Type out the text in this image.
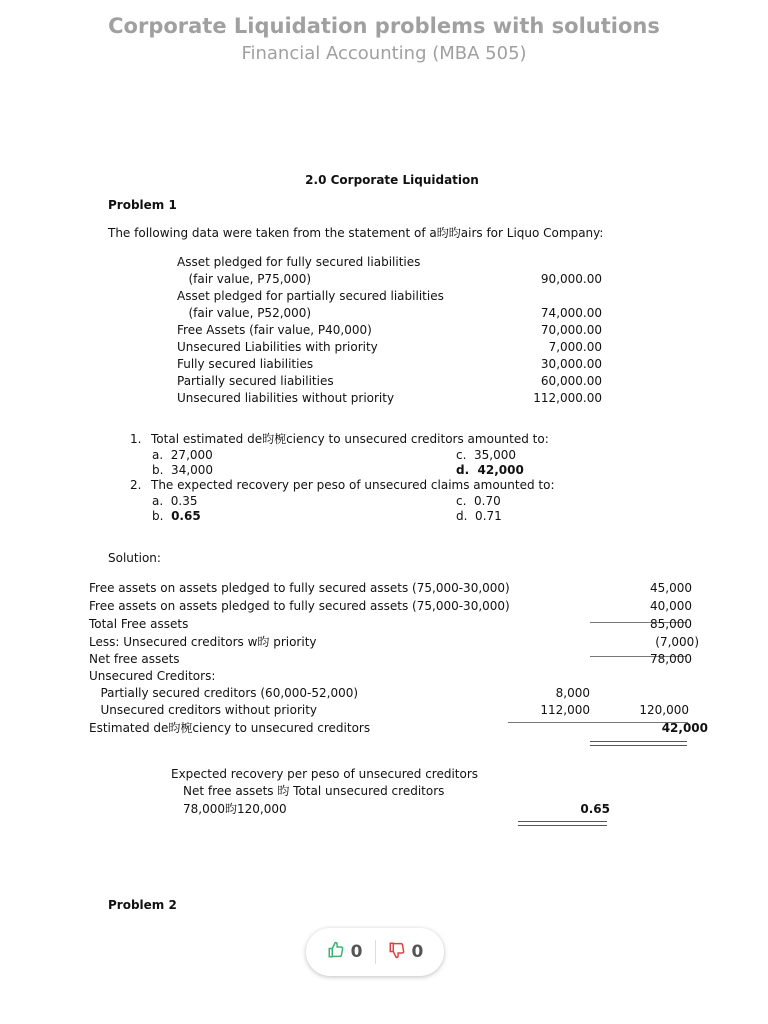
Corporate Liquidation problems with solutions
Financial Accounting (MBA 505)
2.0 Corporate Liquidation
Problem 1
The following data were taken from the statement of a昀昀airs for Liquo Company:
Asset pledged for fully secured liabilities
(fair value, P75,000)	90,000.00
Asset pledged for partially secured liabilities
(fair value, P52,000)	74,000.00
Free Assets (fair value, P40,000)	70,000.00
Unsecured Liabilities with priority	7,000.00
Fully secured liabilities	30,000.00
Partially secured liabilities	60,000.00
Unsecured liabilities without priority	112,000.00
1. Total estimated de昀椀ciency to unsecured creditors amounted to:
a.  27,000	c.  35,000
b.  34,000	d.  42,000
2. The expected recovery per peso of unsecured claims amounted to:
a.  0.35	c.  0.70
b.  0.65	d.  0.71
Solution:
Free assets on assets pledged to fully secured assets (75,000-30,000)	45,000
Free assets on assets pledged to fully secured assets (75,000-30,000)	40,000
Total Free assets	85,000
Less: Unsecured creditors w昀 priority	(7,000)
Net free assets	78,000
Unsecured Creditors:
Partially secured creditors (60,000-52,000)	8,000
Unsecured creditors without priority	112,000	120,000
Estimated de昀椀ciency to unsecured creditors	42,000
Expected recovery per peso of unsecured creditors
Net free assets 昀 Total unsecured creditors
78,000昀120,000	0.65
Problem 2
0	0
